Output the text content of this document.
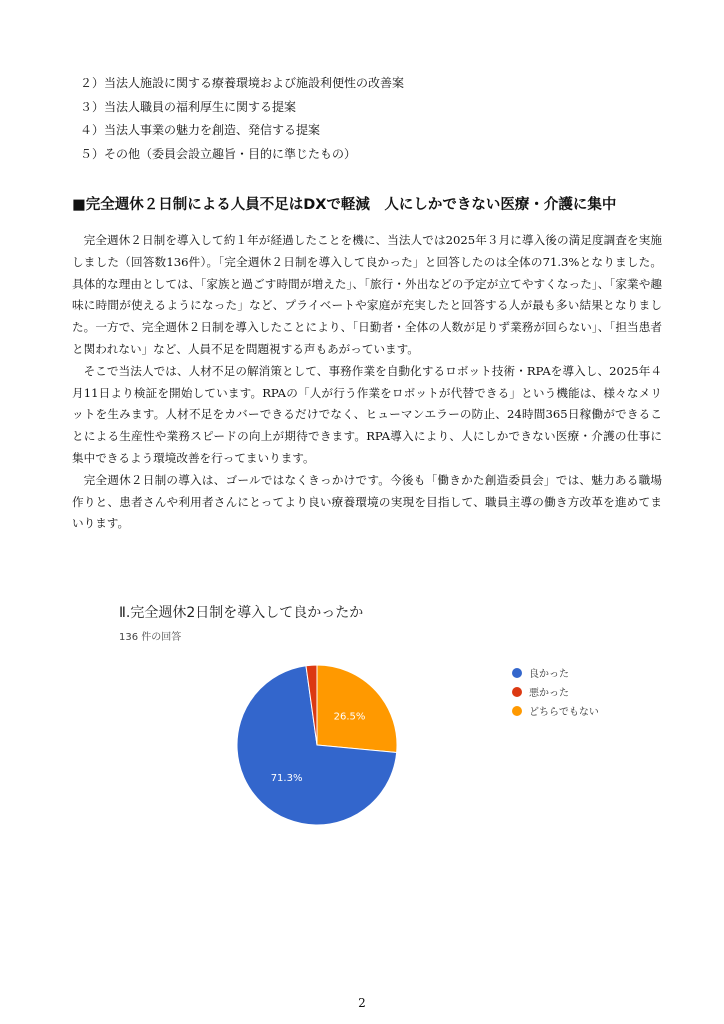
２）当法人施設に関する療養環境および施設利便性の改善案
３）当法人職員の福利厚生に関する提案
４）当法人事業の魅力を創造、発信する提案
５）その他（委員会設立趣旨・目的に準じたもの）
■完全週休２日制による人員不足はDXで軽減　人にしかできない医療・介護に集中

完全週休２日制を導入して約１年が経過したことを機に、当法人では2025年３月に導入後の満足度調査を実施しました（回答数136件）。「完全週休２日制を導入して良かった」と回答したのは全体の71.3%となりました。具体的な理由としては、「家族と過ごす時間が増えた」、「旅行・外出などの予定が立てやすくなった」、「家業や趣味に時間が使えるようになった」など、プライベートや家庭が充実したと回答する人が最も多い結果となりました。一方で、完全週休２日制を導入したことにより、「日勤者・全体の人数が足りず業務が回らない」、「担当患者と関われない」など、人員不足を問題視する声もあがっています。

そこで当法人では、人材不足の解消策として、事務作業を自動化するロボット技術・RPAを導入し、2025年４月11日より検証を開始しています。RPAの「人が行う作業をロボットが代替できる」という機能は、様々なメリットを生みます。人材不足をカバーできるだけでなく、ヒューマンエラーの防止、24時間365日稼働ができることによる生産性や業務スピードの向上が期待できます。RPA導入により、人にしかできない医療・介護の仕事に集中できるよう環境改善を行ってまいります。

完全週休２日制の導入は、ゴールではなくきっかけです。今後も「働きかた創造委員会」では、魅力ある職場作りと、患者さんや利用者さんにとってより良い療養環境の実現を目指して、職員主導の働き方改革を進めてまいります。

Ⅱ.完全週休2日制を導入して良かったか
136 件の回答
26.5%
71.3%
良かった
悪かった
どちらでもない
2
